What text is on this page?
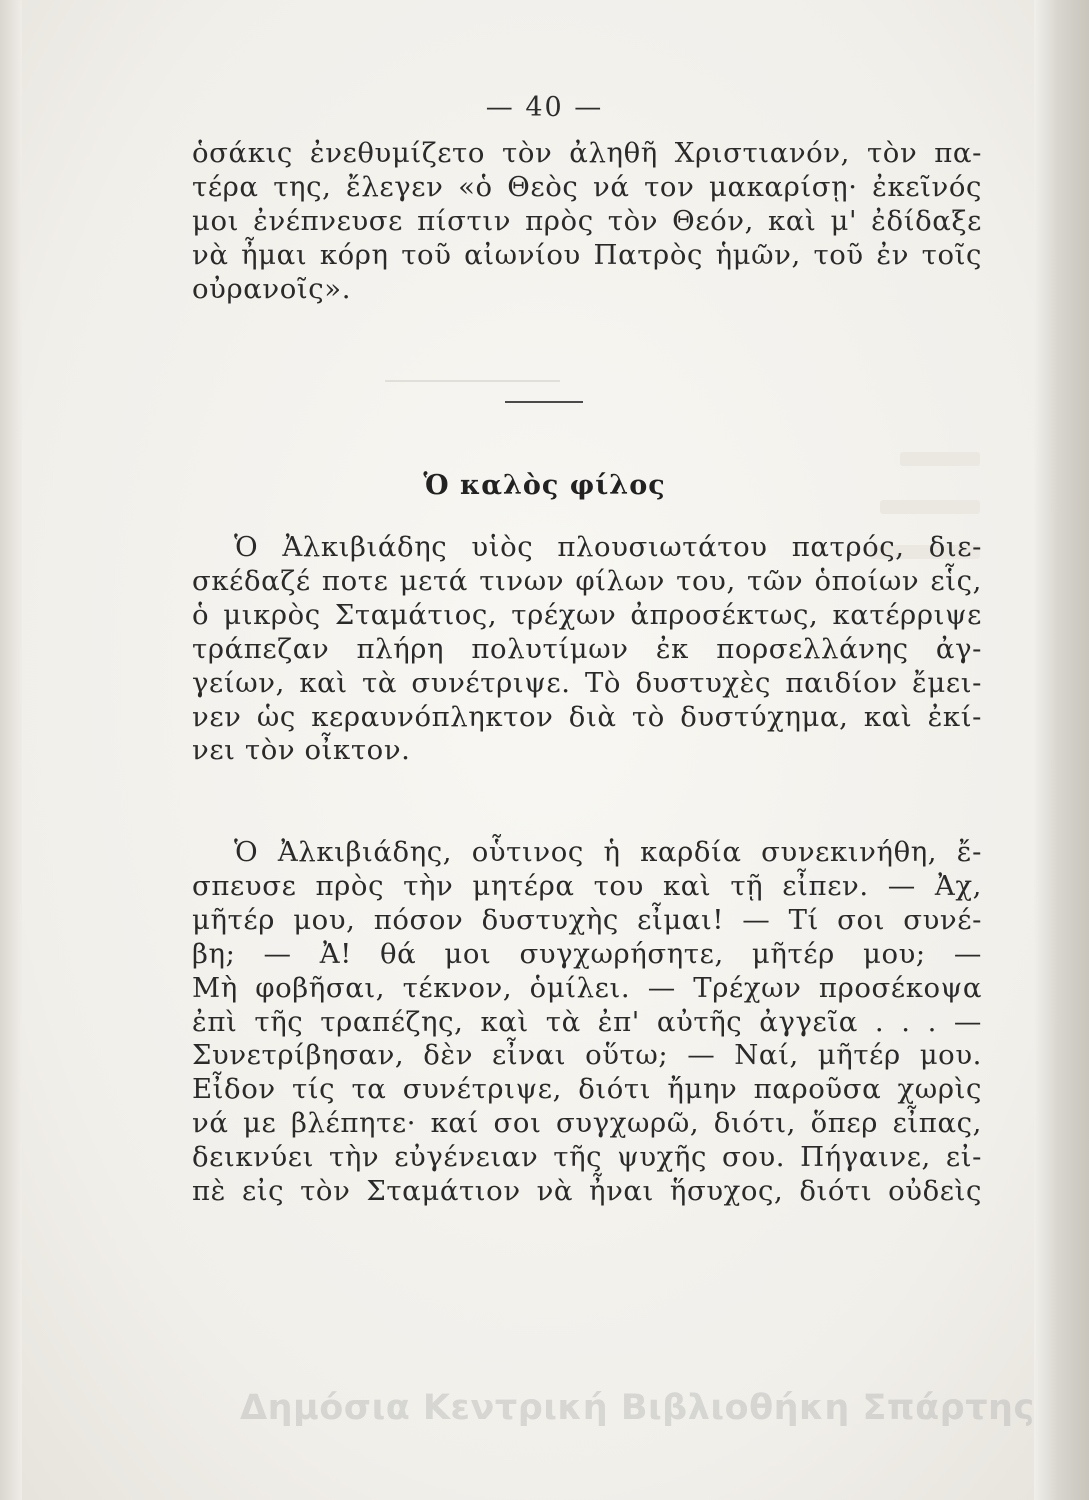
— 40 —
ὁσάκις ἐνεθυμίζετο τὸν ἀληθῆ Χριστιανόν, τὸν πα-
τέρα της, ἔλεγεν «ὁ Θεὸς νά τον μακαρίσῃ· ἐκεῖνός
μοι ἐνέπνευσε πίστιν πρὸς τὸν Θεόν, καὶ μ' ἐδίδαξε
νὰ ἦμαι κόρη τοῦ αἰωνίου Πατρὸς ἡμῶν, τοῦ ἐν τοῖς
οὐρανοῖς».
Ὁ καλὸς φίλος
Ὁ Ἀλκιβιάδης υἱὸς πλουσιωτάτου πατρός, διε-
σκέδαζέ ποτε μετά τινων φίλων του, τῶν ὁποίων εἷς,
ὁ μικρὸς Σταμάτιος, τρέχων ἀπροσέκτως, κατέρριψε
τράπεζαν πλήρη πολυτίμων ἐκ πορσελλάνης ἀγ-
γείων, καὶ τὰ συνέτριψε. Τὸ δυστυχὲς παιδίον ἔμει-
νεν ὡς κεραυνόπληκτον διὰ τὸ δυστύχημα, καὶ ἐκί-
νει τὸν οἶκτον.
Ὁ Ἀλκιβιάδης, οὗτινος ἡ καρδία συνεκινήθη, ἔ-
σπευσε πρὸς τὴν μητέρα του καὶ τῇ εἶπεν. — Ἀχ,
μῆτέρ μου, πόσον δυστυχὴς εἶμαι! — Τί σοι συνέ-
βη; — Ἀ! θά μοι συγχωρήσητε, μῆτέρ μου; —
Μὴ φοβῆσαι, τέκνον, ὁμίλει. — Τρέχων προσέκοψα
ἐπὶ τῆς τραπέζης, καὶ τὰ ἐπ' αὐτῆς ἀγγεῖα . . . —
Συνετρίβησαν, δὲν εἶναι οὕτω; — Ναί, μῆτέρ μου.
Εἶδον τίς τα συνέτριψε, διότι ἤμην παροῦσα χωρὶς
νά με βλέπητε· καί σοι συγχωρῶ, διότι, ὅπερ εἶπας,
δεικνύει τὴν εὐγένειαν τῆς ψυχῆς σου. Πήγαινε, εἰ-
πὲ εἰς τὸν Σταμάτιον νὰ ἦναι ἥσυχος, διότι οὐδεὶς
Δημόσια Κεντρική Βιβλιοθήκη Σπάρτης
